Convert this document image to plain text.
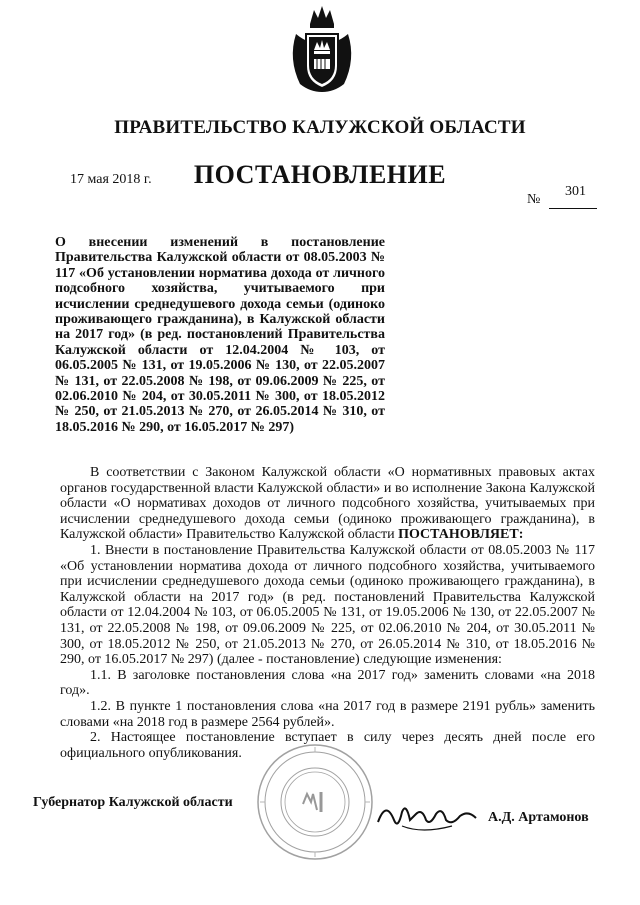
ПРАВИТЕЛЬСТВО КАЛУЖСКОЙ ОБЛАСТИ
17 мая 2018 г.	ПОСТАНОВЛЕНИЕ
№
301
О внесении изменений в постановление Правительства Калужской области от 08.05.2003 № 117 «Об установлении норматива дохода от личного подсобного хозяйства, учитываемого при исчислении среднедушевого дохода семьи (одиноко проживающего гражданина), в Калужской области на 2017 год» (в ред. постановлений Правительства Калужской области от 12.04.2004 № 103, от 06.05.2005 № 131, от 19.05.2006 № 130, от 22.05.2007 № 131, от 22.05.2008 № 198, от 09.06.2009 № 225, от 02.06.2010 № 204, от 30.05.2011 № 300, от 18.05.2012 № 250, от 21.05.2013 № 270, от 26.05.2014 № 310, от 18.05.2016 № 290, от 16.05.2017 № 297)

В соответствии с Законом Калужской области «О нормативных правовых актах органов государственной власти Калужской области» и во исполнение Закона Калужской области «О нормативах доходов от личного подсобного хозяйства, учитываемых при исчислении среднедушевого дохода семьи (одиноко проживающего гражданина), в Калужской области» Правительство Калужской области ПОСТАНОВЛЯЕТ:

1. Внести в постановление Правительства Калужской области от 08.05.2003 № 117 «Об установлении норматива дохода от личного подсобного хозяйства, учитываемого при исчислении среднедушевого дохода семьи (одиноко проживающего гражданина), в Калужской области на 2017 год» (в ред. постановлений Правительства Калужской области от 12.04.2004 № 103, от 06.05.2005 № 131, от 19.05.2006 № 130, от 22.05.2007 № 131, от 22.05.2008 № 198, от 09.06.2009 № 225, от 02.06.2010 № 204, от 30.05.2011 № 300, от 18.05.2012 № 250, от 21.05.2013 № 270, от 26.05.2014 № 310, от 18.05.2016 № 290, от 16.05.2017 № 297) (далее - постановление) следующие изменения:

1.1. В заголовке постановления слова «на 2017 год» заменить словами «на 2018 год».

1.2. В пункте 1 постановления слова «на 2017 год в размере 2191 рубль» заменить словами «на 2018 год в размере 2564 рублей».

2. Настоящее постановление вступает в силу через десять дней после его официального опубликования.

Губернатор Калужской области
А.Д. Артамонов
